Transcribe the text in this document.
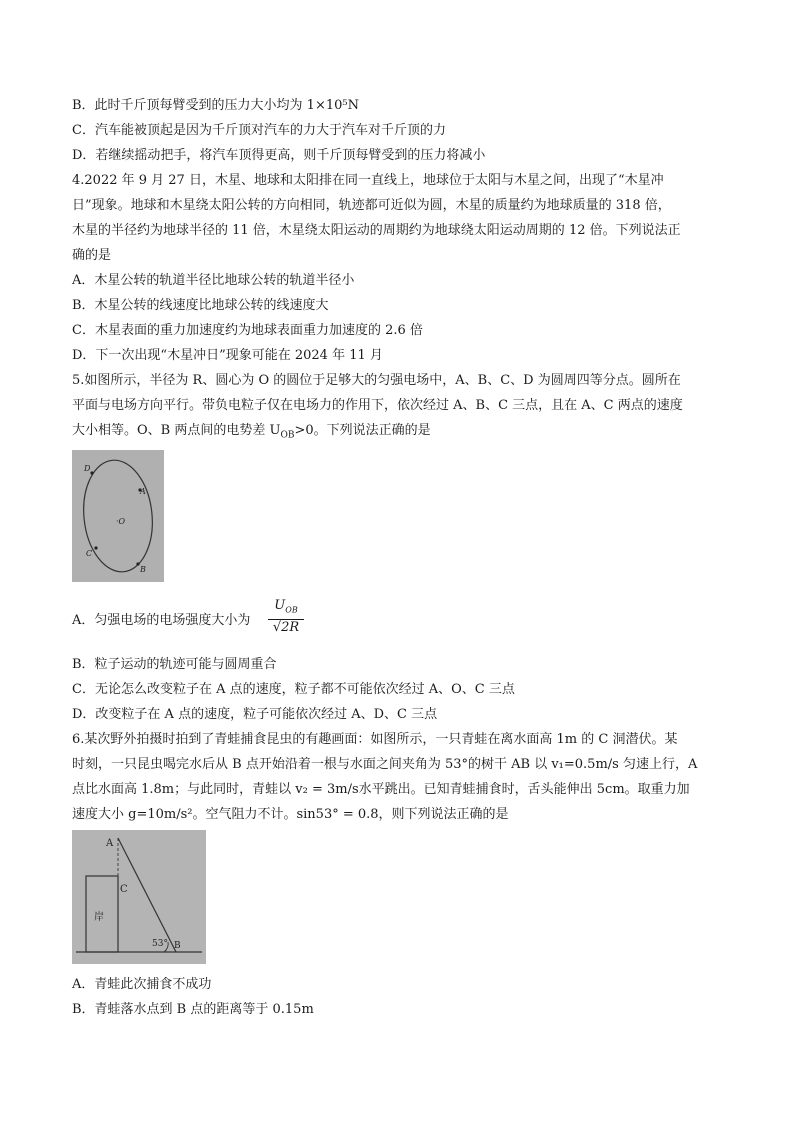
B．此时千斤顶每臂受到的压力大小均为 1×10⁵N
C．汽车能被顶起是因为千斤顶对汽车的力大于汽车对千斤顶的力
D．若继续摇动把手，将汽车顶得更高，则千斤顶每臂受到的压力将减小
4.2022 年 9 月 27 日，木星、地球和太阳排在同一直线上，地球位于太阳与木星之间，出现了“木星冲
日”现象。地球和木星绕太阳公转的方向相同，轨迹都可近似为圆，木星的质量约为地球质量的 318 倍，
木星的半径约为地球半径的 11 倍，木星绕太阳运动的周期约为地球绕太阳运动周期的 12 倍。下列说法正
确的是
A．木星公转的轨道半径比地球公转的轨道半径小
B．木星公转的线速度比地球公转的线速度大
C．木星表面的重力加速度约为地球表面重力加速度的 2.6 倍
D．下一次出现“木星冲日”现象可能在 2024 年 11 月
5.如图所示，半径为 R、圆心为 O 的圆位于足够大的匀强电场中，A、B、C、D 为圆周四等分点。圆所在
平面与电场方向平行。带负电粒子仅在电场力的作用下，依次经过 A、B、C 三点，且在 A、C 两点的速度
大小相等。O、B 两点间的电势差 $U_{OB}>0$。下列说法正确的是
D
A
·O
C
B
A．匀强电场的电场强度大小为
$U_{OB}$
√2R
B．粒子运动的轨迹可能与圆周重合
C．无论怎么改变粒子在 A 点的速度，粒子都不可能依次经过 A、O、C 三点
D．改变粒子在 A 点的速度，粒子可能依次经过 A、D、C 三点
6.某次野外拍摄时拍到了青蛙捕食昆虫的有趣画面：如图所示，一只青蛙在离水面高 1m 的 C 洞潜伏。某
时刻，一只昆虫喝完水后从 B 点开始沿着一根与水面之间夹角为 53°的树干 AB 以 v₁=0.5m/s 匀速上行，A
点比水面高 1.8m；与此同时，青蛙以 v₂ = 3m/s水平跳出。已知青蛙捕食时，舌头能伸出 5cm。取重力加
速度大小 g=10m/s²。空气阻力不计。sin53° = 0.8，则下列说法正确的是
A
C
岸
53° B
A．青蛙此次捕食不成功
B．青蛙落水点到 B 点的距离等于 0.15m
